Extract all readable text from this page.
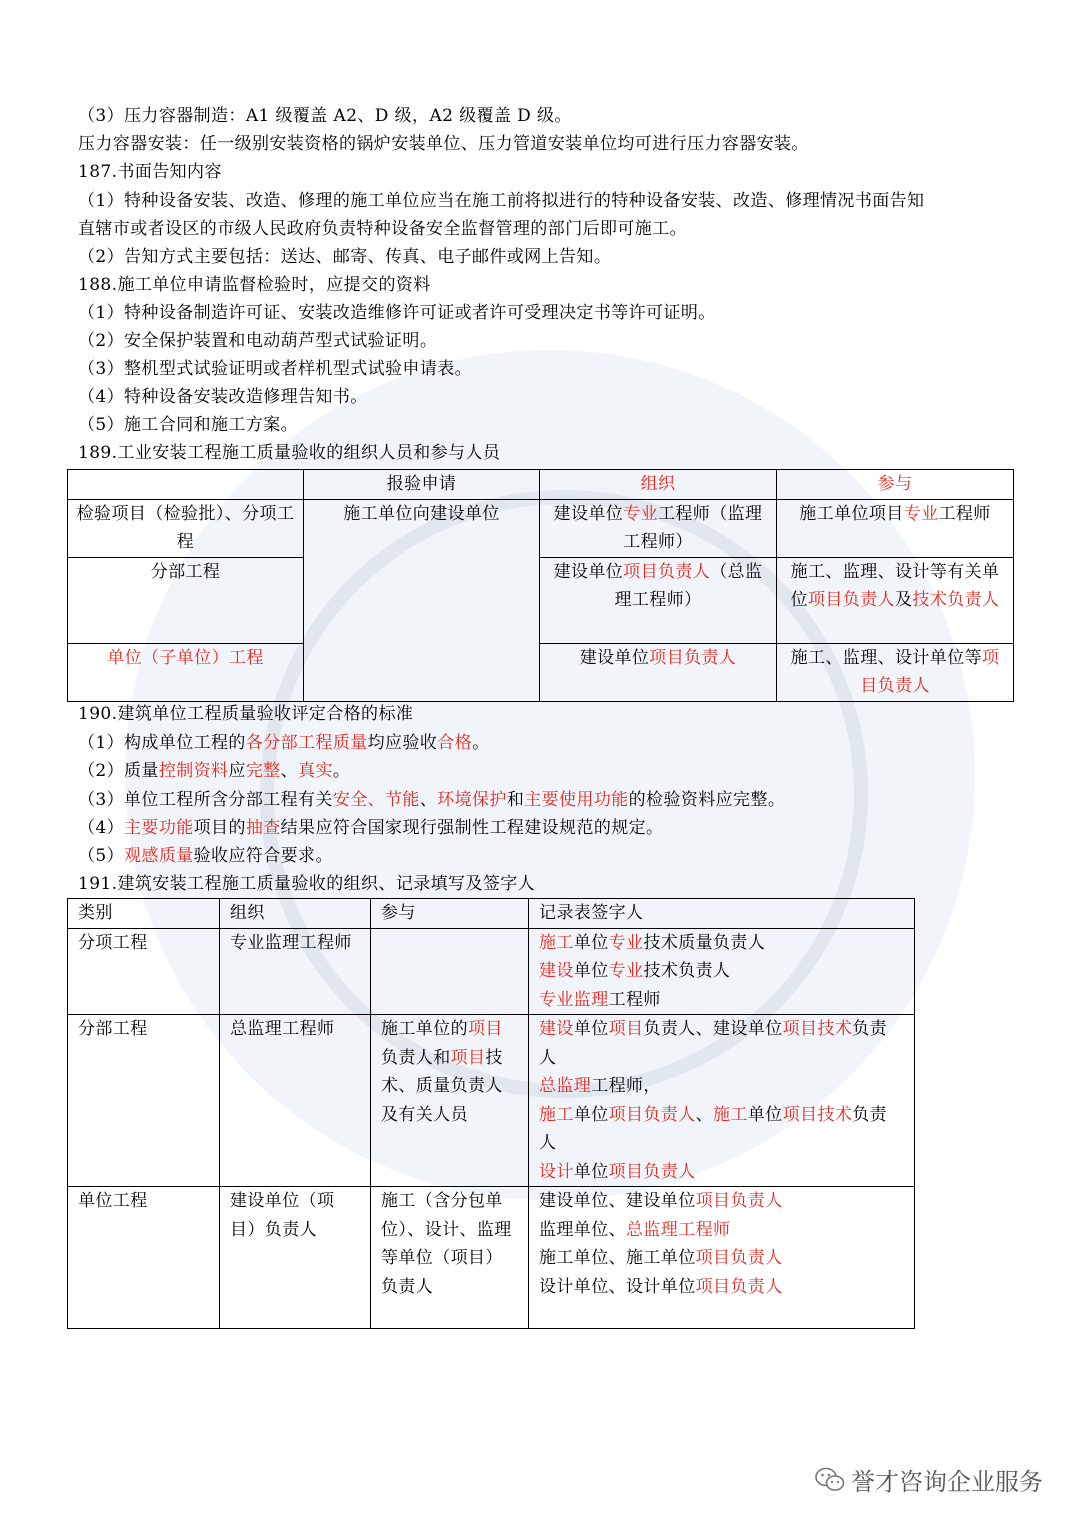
（3）压力容器制造：A1 级覆盖 A2、D 级，A2 级覆盖 D 级。
压力容器安装：任一级别安装资格的锅炉安装单位、压力管道安装单位均可进行压力容器安装。
187.书面告知内容
（1）特种设备安装、改造、修理的施工单位应当在施工前将拟进行的特种设备安装、改造、修理情况书面告知
直辖市或者设区的市级人民政府负责特种设备安全监督管理的部门后即可施工。
（2）告知方式主要包括：送达、邮寄、传真、电子邮件或网上告知。
188.施工单位申请监督检验时，应提交的资料
（1）特种设备制造许可证、安装改造维修许可证或者许可受理决定书等许可证明。
（2）安全保护装置和电动葫芦型式试验证明。
（3）整机型式试验证明或者样机型式试验申请表。
（4）特种设备安装改造修理告知书。
（5）施工合同和施工方案。
189.工业安装工程施工质量验收的组织人员和参与人员
	报验申请	组织	参与
检验项目（检验批）、分项工程	施工单位向建设单位	建设单位专业工程师（监理工程师）	施工单位项目专业工程师
分部工程		建设单位项目负责人（总监理工程师）	施工、监理、设计等有关单位项目负责人及技术负责人
单位（子单位）工程		建设单位项目负责人	施工、监理、设计单位等项目负责人
190.建筑单位工程质量验收评定合格的标准
（1）构成单位工程的各分部工程质量均应验收合格。
（2）质量控制资料应完整、真实。
（3）单位工程所含分部工程有关安全、节能、环境保护和主要使用功能的检验资料应完整。
（4）主要功能项目的抽查结果应符合国家现行强制性工程建设规范的规定。
（5）观感质量验收应符合要求。
191.建筑安装工程施工质量验收的组织、记录填写及签字人
类别	组织	参与	记录表签字人
分项工程	专业监理工程师		施工单位专业技术质量负责人
建设单位专业技术负责人
专业监理工程师

分部工程	总监理工程师	施工单位的项目负责人和项目技术、质量负责人及有关人员	建设单位项目负责人、建设单位项目技术负责人
总监理工程师，
施工单位项目负责人、施工单位项目技术负责人
设计单位项目负责人

单位工程	建设单位（项目）负责人	施工（含分包单位）、设计、监理等单位（项目）负责人	建设单位、建设单位项目负责人
监理单位、总监理工程师
施工单位、施工单位项目负责人
设计单位、设计单位项目负责人
誉才咨询企业服务
